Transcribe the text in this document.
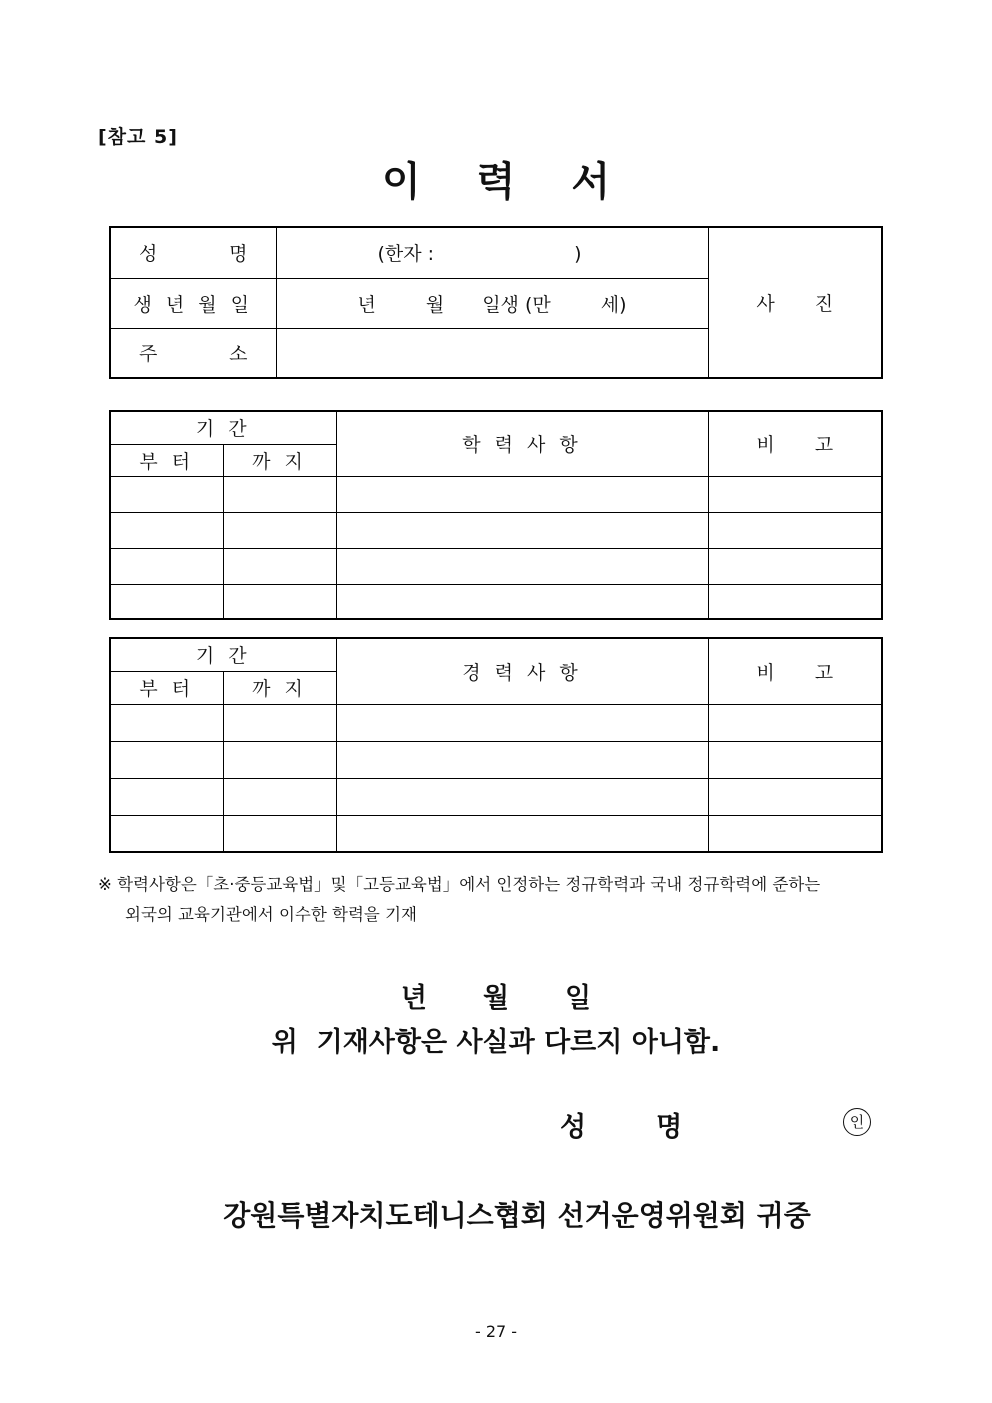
[참고 5]
이 력 서
성 명	(한자 : )	사 진
생 년 월 일	년 월 일생 (만 세)	

주 소		

기 간		학 력 사 항	비 고
부 터	까 지		

기 간		경 력 사 항	비 고
부 터	까 지		

※ 학력사항은「초·중등교육법」및「고등교육법」에서 인정하는 정규학력과 국내 정규학력에 준하는
외국의 교육기관에서 이수한 학력을 기재
년 월 일
위  기재사항은 사실과 다르지 아니함.
성	명	인
강원특별자치도테니스협회 선거운영위원회 귀중
- 27 -
